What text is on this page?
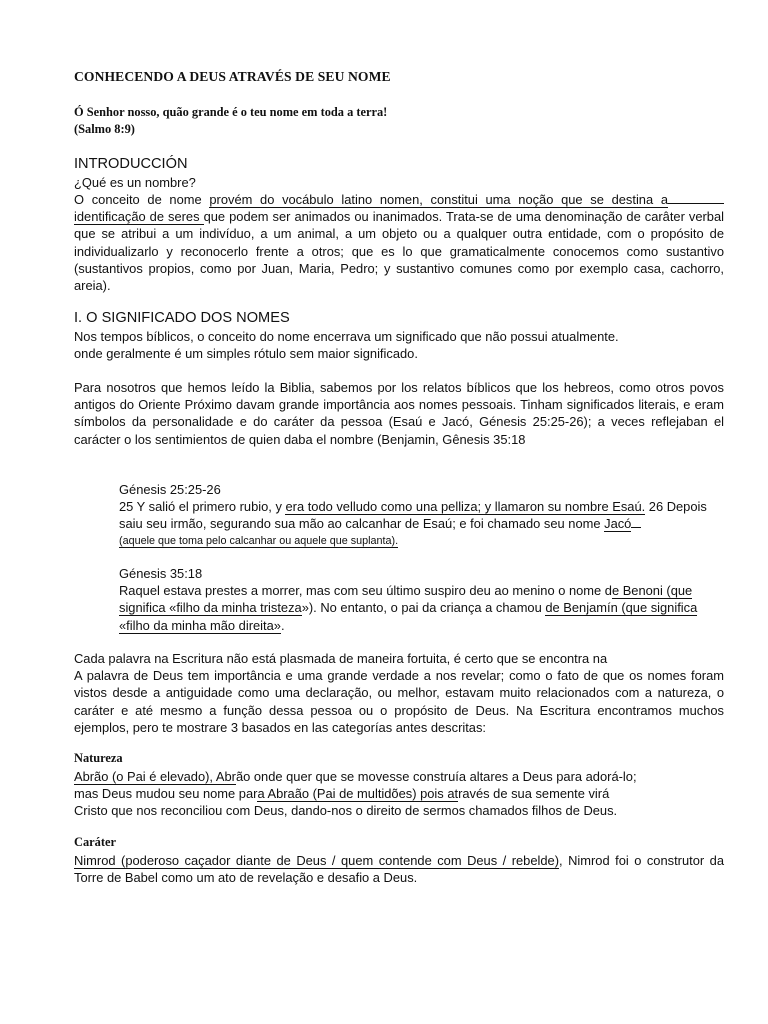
CONHECENDO A DEUS ATRAVÉS DE SEU NOME
Ó Senhor nosso, quão grande é o teu nome em toda a terra!
(Salmo 8:9)
INTRODUCCIÓN
¿Qué es un nombre?
O conceito de nome provém do vocábulo latino nomen, constitui uma noção que se destina a identificação de seres que podem ser animados ou inanimados. Trata-se de uma denominação de carâter verbal que se atribui a um indivíduo, a um animal, a um objeto ou a qualquer outra entidade, com o propósito de individualizarlo y reconocerlo frente a otros; que es lo que gramaticalmente conocemos como sustantivo (sustantivos propios, como por Juan, Maria, Pedro; y sustantivo comunes como por exemplo casa, cachorro, areia).
I. O SIGNIFICADO DOS NOMES
Nos tempos bíblicos, o conceito do nome encerrava um significado que não possui atualmente.
onde geralmente é um simples rótulo sem maior significado.
Para nosotros que hemos leído la Biblia, sabemos por los relatos bíblicos que los hebreos, como otros povos antigos do Oriente Próximo davam grande importância aos nomes pessoais. Tinham significados literais, e eram símbolos da personalidade e do caráter da pessoa (Esaú e Jacó, Génesis 25:25-26); a veces reflejaban el carácter o los sentimientos de quien daba el nombre (Benjamin, Gênesis 35:18
Génesis 25:25-26
25 Y salió el primero rubio, y era todo velludo como una pelliza; y llamaron su nombre Esaú. 26 Depois saiu seu irmão, segurando sua mão ao calcanhar de Esaú; e foi chamado seu nome Jacó
(aquele que toma pelo calcanhar ou aquele que suplanta).
Génesis 35:18
Raquel estava prestes a morrer, mas com seu último suspiro deu ao menino o nome de Benoni (que significa «filho da minha tristeza»). No entanto, o pai da criança a chamou de Benjamín (que significa «filho da minha mão direita».
Cada palavra na Escritura não está plasmada de maneira fortuita, é certo que se encontra na
A palavra de Deus tem importância e uma grande verdade a nos revelar; como o fato de que os nomes foram vistos desde a antiguidade como uma declaração, ou melhor, estavam muito relacionados com a natureza, o caráter e até mesmo a função dessa pessoa ou o propósito de Deus. Na Escritura encontramos muchos ejemplos, pero te mostrare 3 basados en las categorías antes descritas:
Natureza
Abrão (o Pai é elevado), Abrão onde quer que se movesse construía altares a Deus para adorá-lo;
mas Deus mudou seu nome para Abraão (Pai de multidões) pois através de sua semente virá
Cristo que nos reconciliou com Deus, dando-nos o direito de sermos chamados filhos de Deus.
Caráter
Nimrod (poderoso caçador diante de Deus / quem contende com Deus / rebelde), Nimrod foi o construtor da Torre de Babel como um ato de revelação e desafio a Deus.
